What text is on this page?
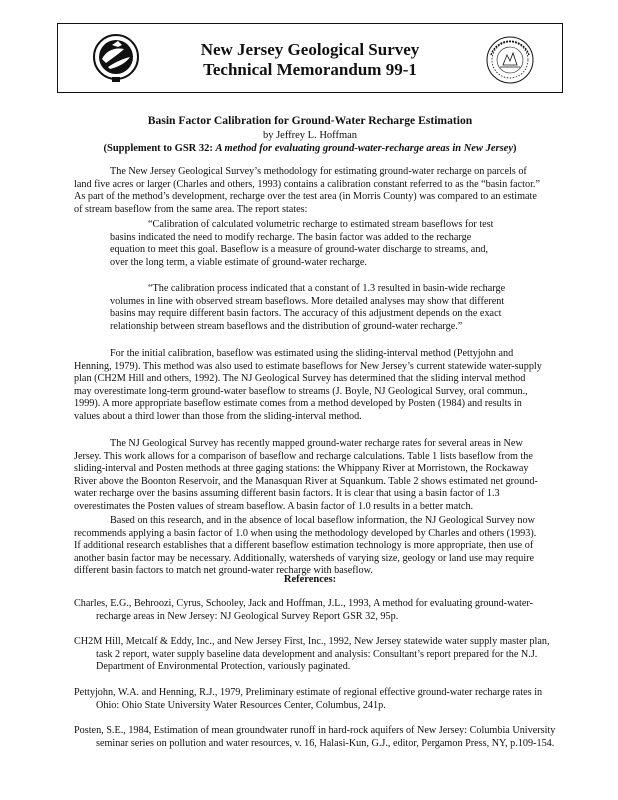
New Jersey Geological Survey
Technical Memorandum 99-1
Basin Factor Calibration for Ground-Water Recharge Estimation
by Jeffrey L. Hoffman
(Supplement to GSR 32: A method for evaluating ground-water-recharge areas in New Jersey)

The New Jersey Geological Survey’s methodology for estimating ground-water recharge on parcels of land five acres or larger (Charles and others, 1993) contains a calibration constant referred to as the “basin factor.” As part of the method’s development, recharge over the test area (in Morris County) was compared to an estimate of stream baseflow from the same area. The report states:

“Calibration of calculated volumetric recharge to estimated stream baseflows for test basins indicated the need to modify recharge. The basin factor was added to the recharge equation to meet this goal. Baseflow is a measure of ground-water discharge to streams, and, over the long term, a viable estimate of ground-water recharge.

“The calibration process indicated that a constant of 1.3 resulted in basin-wide recharge volumes in line with observed stream baseflows. More detailed analyses may show that different basins may require different basin factors. The accuracy of this adjustment depends on the exact relationship between stream baseflows and the distribution of ground-water recharge.”

For the initial calibration, baseflow was estimated using the sliding-interval method (Pettyjohn and Henning, 1979). This method was also used to estimate baseflows for New Jersey’s current statewide water-supply plan (CH2M Hill and others, 1992). The NJ Geological Survey has determined that the sliding interval method may overestimate long-term ground-water baseflow to streams (J. Boyle, NJ Geological Survey, oral commun., 1999). A more appropriate baseflow estimate comes from a method developed by Posten (1984) and results in values about a third lower than those from the sliding-interval method.

The NJ Geological Survey has recently mapped ground-water recharge rates for several areas in New Jersey. This work allows for a comparison of baseflow and recharge calculations. Table 1 lists baseflow from the sliding-interval and Posten methods at three gaging stations: the Whippany River at Morristown, the Rockaway River above the Boonton Reservoir, and the Manasquan River at Squankum. Table 2 shows estimated net ground-water recharge over the basins assuming different basin factors. It is clear that using a basin factor of 1.3 overestimates the Posten values of stream baseflow. A basin factor of 1.0 results in a better match.

Based on this research, and in the absence of local baseflow information, the NJ Geological Survey now recommends applying a basin factor of 1.0 when using the methodology developed by Charles and others (1993). If additional research establishes that a different baseflow estimation technology is more appropriate, then use of another basin factor may be necessary. Additionally, watersheds of varying size, geology or land use may require different basin factors to match net ground-water recharge with baseflow.

References:

Charles, E.G., Behroozi, Cyrus, Schooley, Jack and Hoffman, J.L., 1993, A method for evaluating ground-water-recharge areas in New Jersey: NJ Geological Survey Report GSR 32, 95p.

CH2M Hill, Metcalf & Eddy, Inc., and New Jersey First, Inc., 1992, New Jersey statewide water supply master plan, task 2 report, water supply baseline data development and analysis: Consultant’s report prepared for the N.J. Department of Environmental Protection, variously paginated.

Pettyjohn, W.A. and Henning, R.J., 1979, Preliminary estimate of regional effective ground-water recharge rates in Ohio: Ohio State University Water Resources Center, Columbus, 241p.

Posten, S.E., 1984, Estimation of mean groundwater runoff in hard-rock aquifers of New Jersey: Columbia University seminar series on pollution and water resources, v. 16, Halasi-Kun, G.J., editor, Pergamon Press, NY, p.109-154.
